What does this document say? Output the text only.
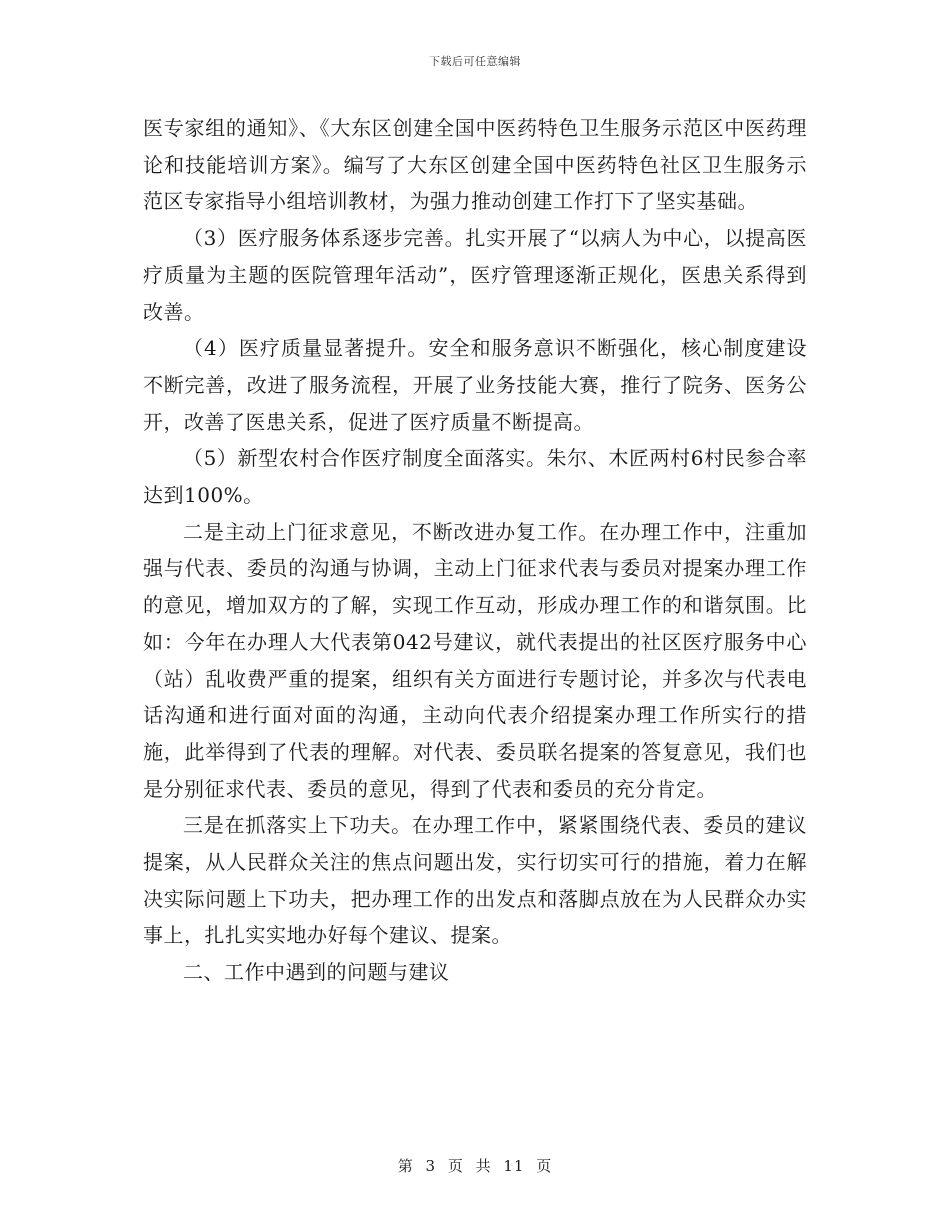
下载后可任意编辑

医专家组的通知》、《大东区创建全国中医药特色卫生服务示范区中医药理论和技能培训方案》。编写了大东区创建全国中医药特色社区卫生服务示范区专家指导小组培训教材，为强力推动创建工作打下了坚实基础。

（3）医疗服务体系逐步完善。扎实开展了“以病人为中心，以提高医疗质量为主题的医院管理年活动”，医疗管理逐渐正规化，医患关系得到改善。

（4）医疗质量显著提升。安全和服务意识不断强化，核心制度建设不断完善，改进了服务流程，开展了业务技能大赛，推行了院务、医务公开，改善了医患关系，促进了医疗质量不断提高。

（5）新型农村合作医疗制度全面落实。朱尔、木匠两村6村民参合率达到100%。

二是主动上门征求意见，不断改进办复工作。在办理工作中，注重加强与代表、委员的沟通与协调，主动上门征求代表与委员对提案办理工作的意见，增加双方的了解，实现工作互动，形成办理工作的和谐氛围。比如：今年在办理人大代表第042号建议，就代表提出的社区医疗服务中心（站）乱收费严重的提案，组织有关方面进行专题讨论，并多次与代表电话沟通和进行面对面的沟通，主动向代表介绍提案办理工作所实行的措施，此举得到了代表的理解。对代表、委员联名提案的答复意见，我们也是分别征求代表、委员的意见，得到了代表和委员的充分肯定。

三是在抓落实上下功夫。在办理工作中，紧紧围绕代表、委员的建议提案，从人民群众关注的焦点问题出发，实行切实可行的措施，着力在解决实际问题上下功夫，把办理工作的出发点和落脚点放在为人民群众办实事上，扎扎实实地办好每个建议、提案。

二、工作中遇到的问题与建议

第 3 页 共 11 页
